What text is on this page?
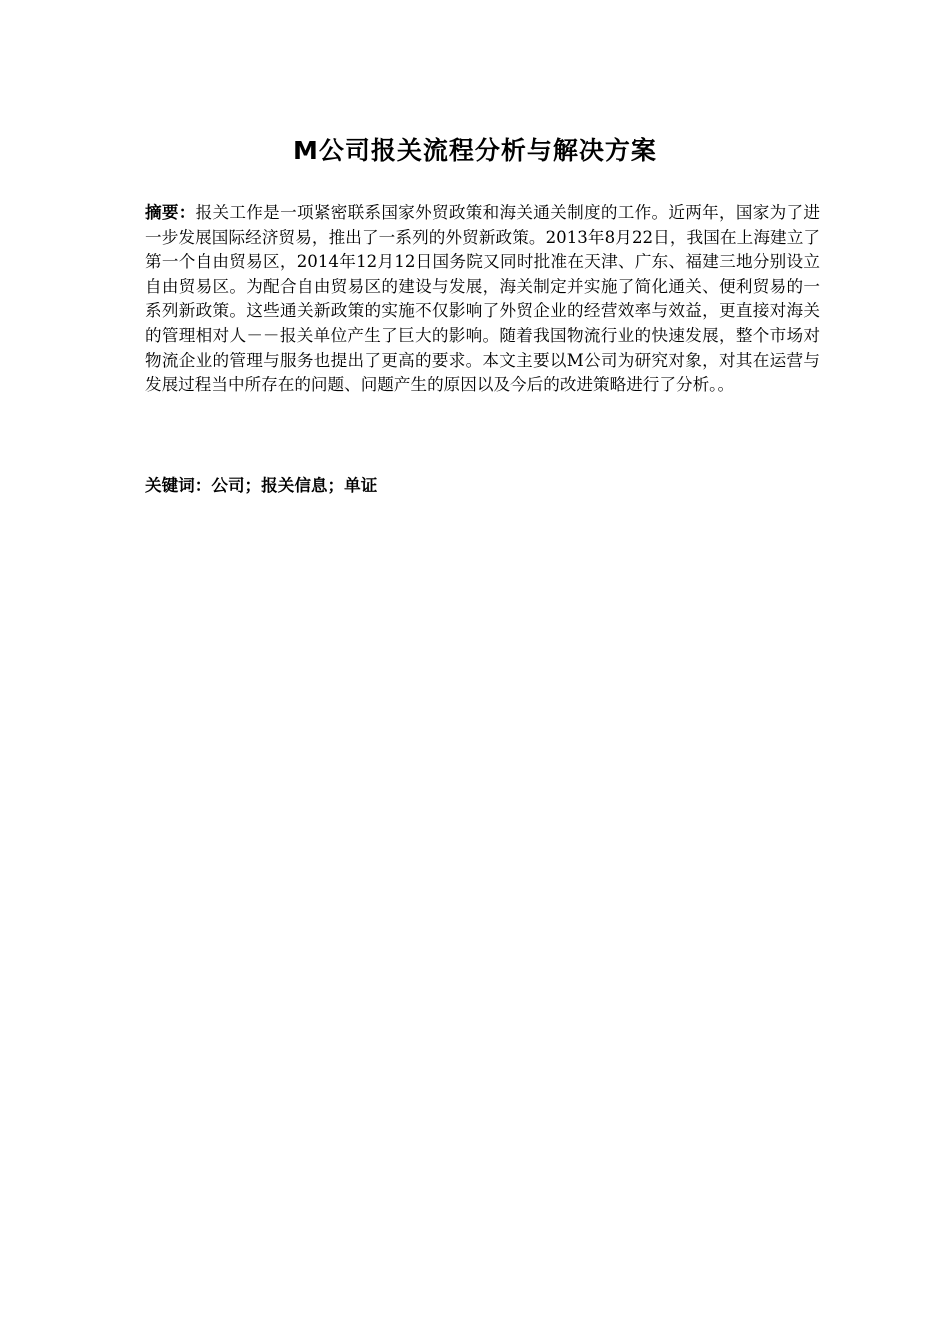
M公司报关流程分析与解决方案

摘要：报关工作是一项紧密联系国家外贸政策和海关通关制度的工作。近两年，国家为了进一步发展国际经济贸易，推出了一系列的外贸新政策。2013年8月22日，我国在上海建立了第一个自由贸易区，2014年12月12日国务院又同时批准在天津、广东、福建三地分别设立自由贸易区。为配合自由贸易区的建设与发展，海关制定并实施了简化通关、便利贸易的一系列新政策。这些通关新政策的实施不仅影响了外贸企业的经营效率与效益，更直接对海关的管理相对人－－报关单位产生了巨大的影响。随着我国物流行业的快速发展，整个市场对物流企业的管理与服务也提出了更高的要求。本文主要以M公司为研究对象，对其在运营与发展过程当中所存在的问题、问题产生的原因以及今后的改进策略进行了分析。。

关键词：公司；报关信息；单证
